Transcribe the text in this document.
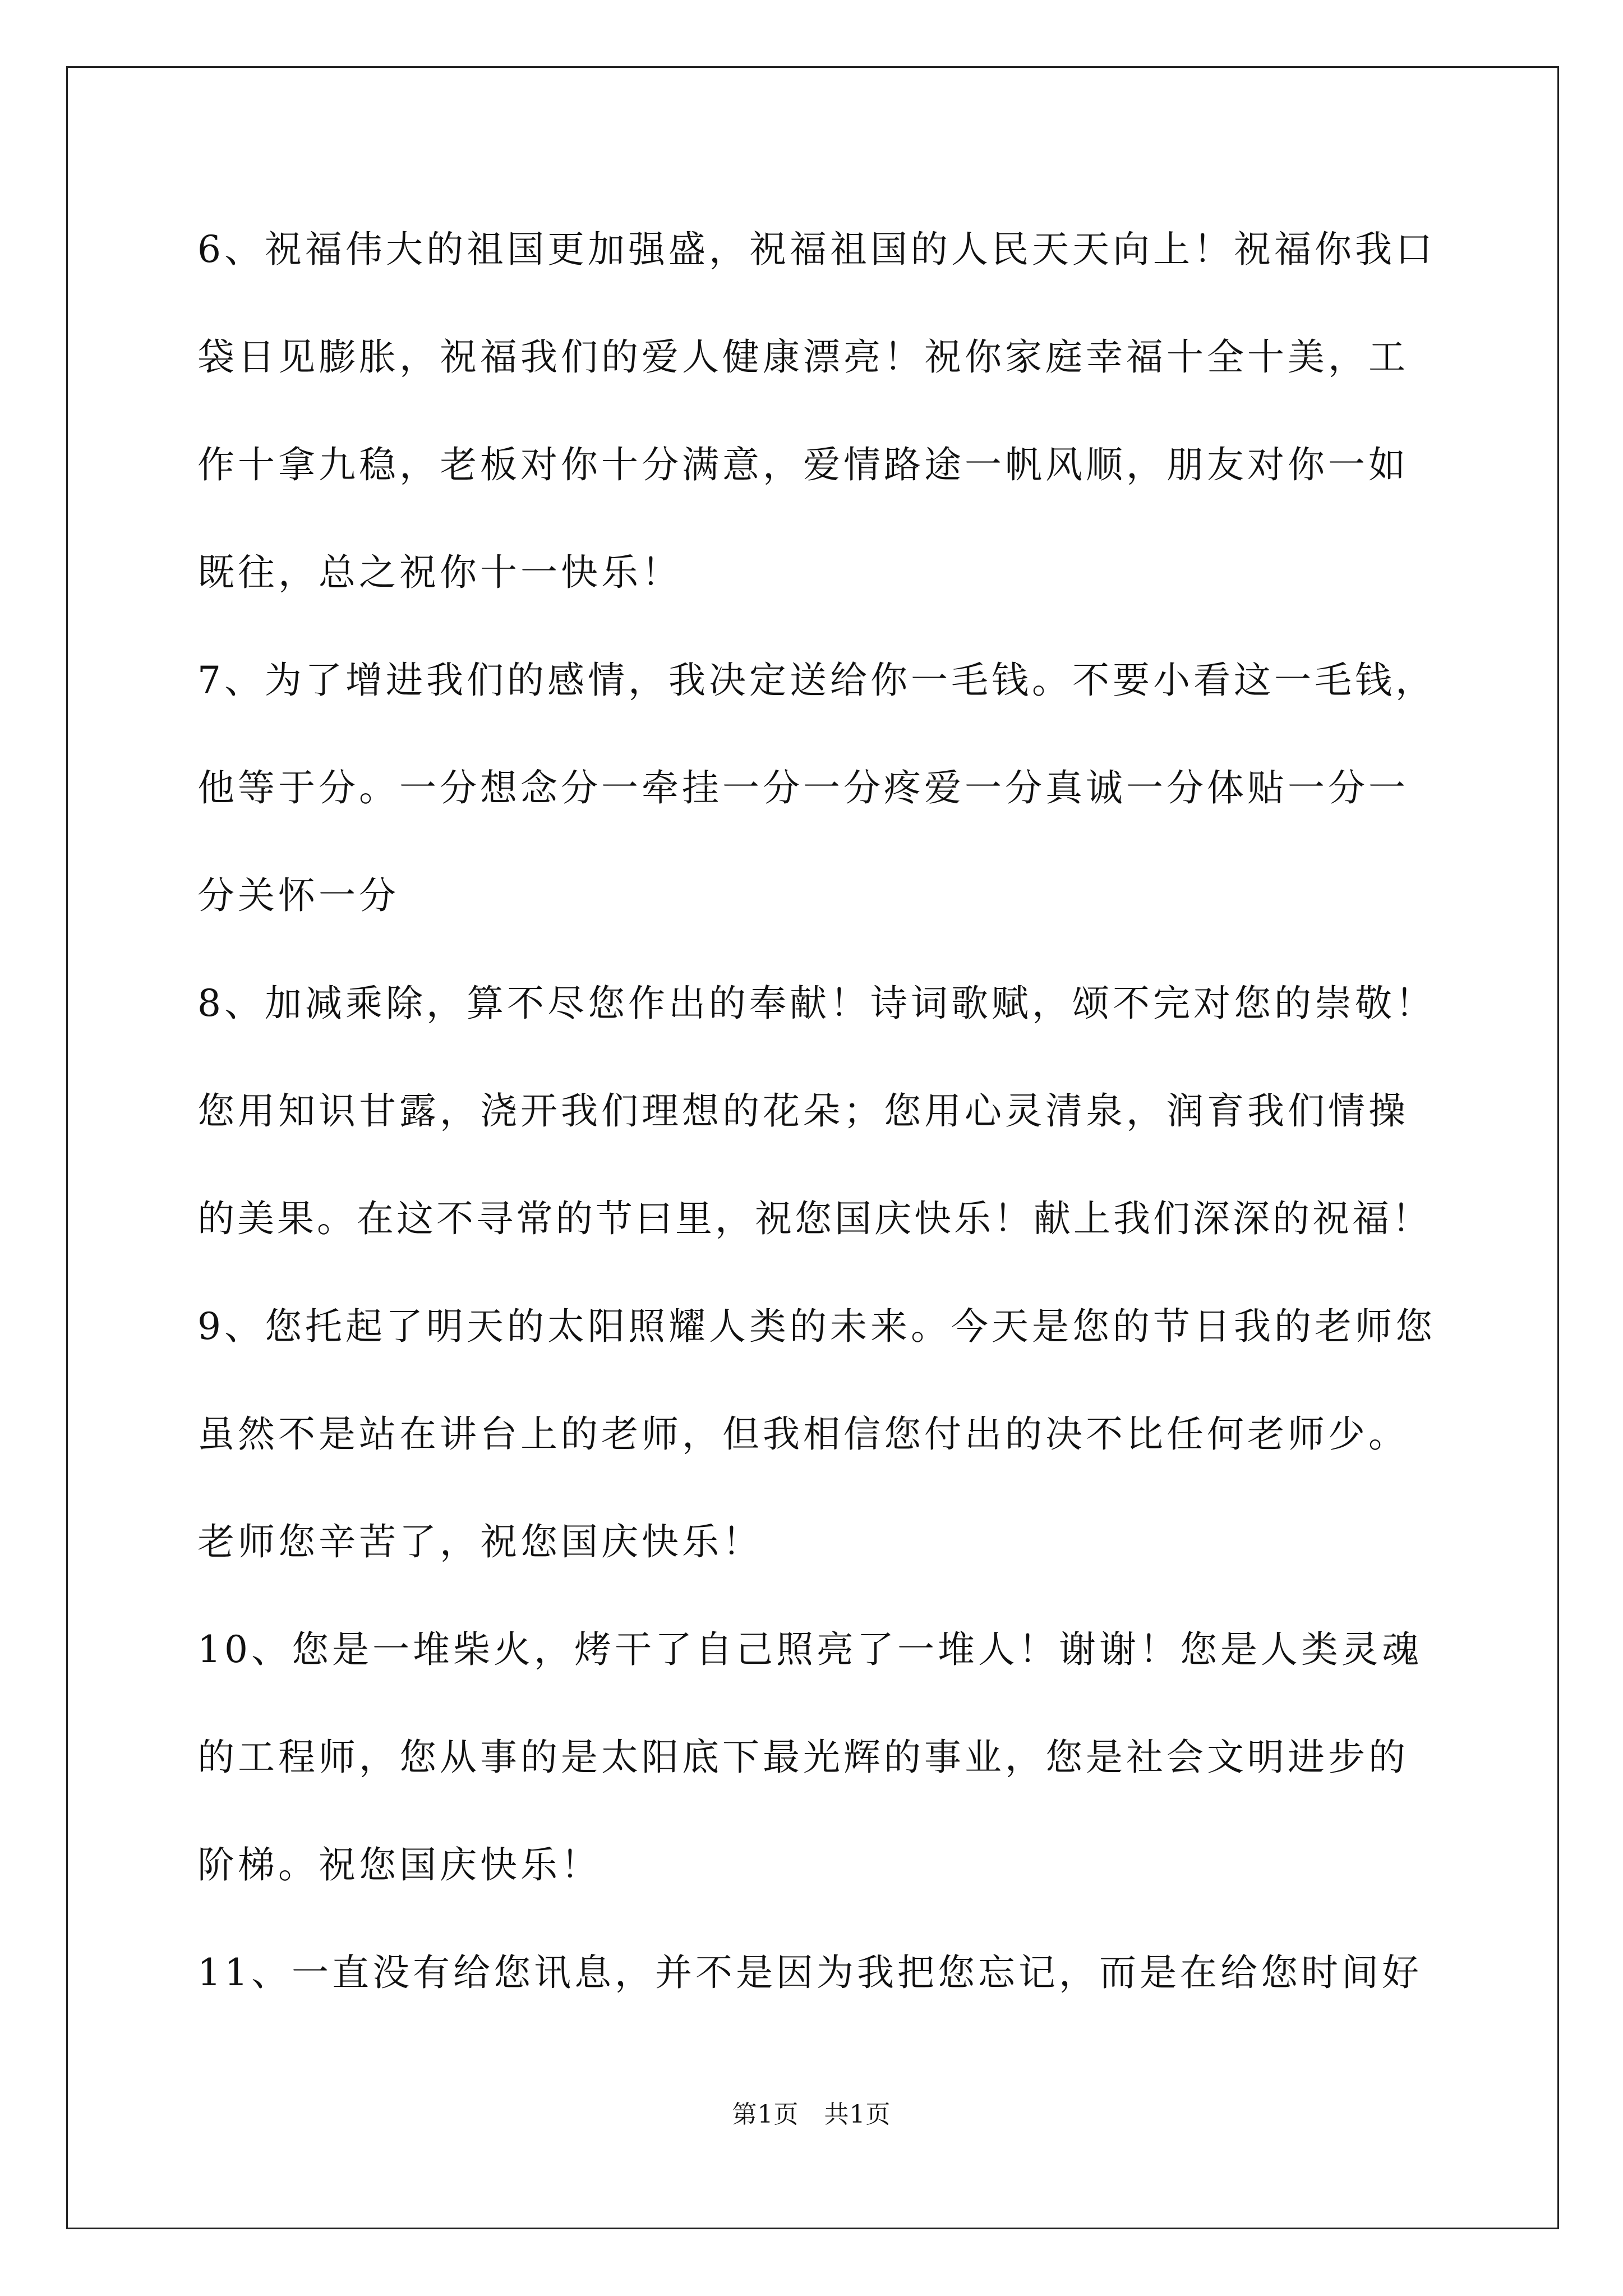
6、祝福伟大的祖国更加强盛，祝福祖国的人民天天向上！祝福你我口
袋日见膨胀，祝福我们的爱人健康漂亮！祝你家庭幸福十全十美，工
作十拿九稳，老板对你十分满意，爱情路途一帆风顺，朋友对你一如
既往，总之祝你十一快乐！
7、为了增进我们的感情，我决定送给你一毛钱。不要小看这一毛钱，
他等于分。一分想念分一牵挂一分一分疼爱一分真诚一分体贴一分一
分关怀一分
8、加减乘除，算不尽您作出的奉献！诗词歌赋，颂不完对您的崇敬！
您用知识甘露，浇开我们理想的花朵；您用心灵清泉，润育我们情操
的美果。在这不寻常的节曰里，祝您国庆快乐！献上我们深深的祝福！
9、您托起了明天的太阳照耀人类的未来。今天是您的节日我的老师您
虽然不是站在讲台上的老师，但我相信您付出的决不比任何老师少。
老师您辛苦了，祝您国庆快乐！
10、您是一堆柴火，烤干了自己照亮了一堆人！谢谢！您是人类灵魂
的工程师，您从事的是太阳底下最光辉的事业，您是社会文明进步的
阶梯。祝您国庆快乐！
11、一直没有给您讯息，并不是因为我把您忘记，而是在给您时间好
第1页   共1页
